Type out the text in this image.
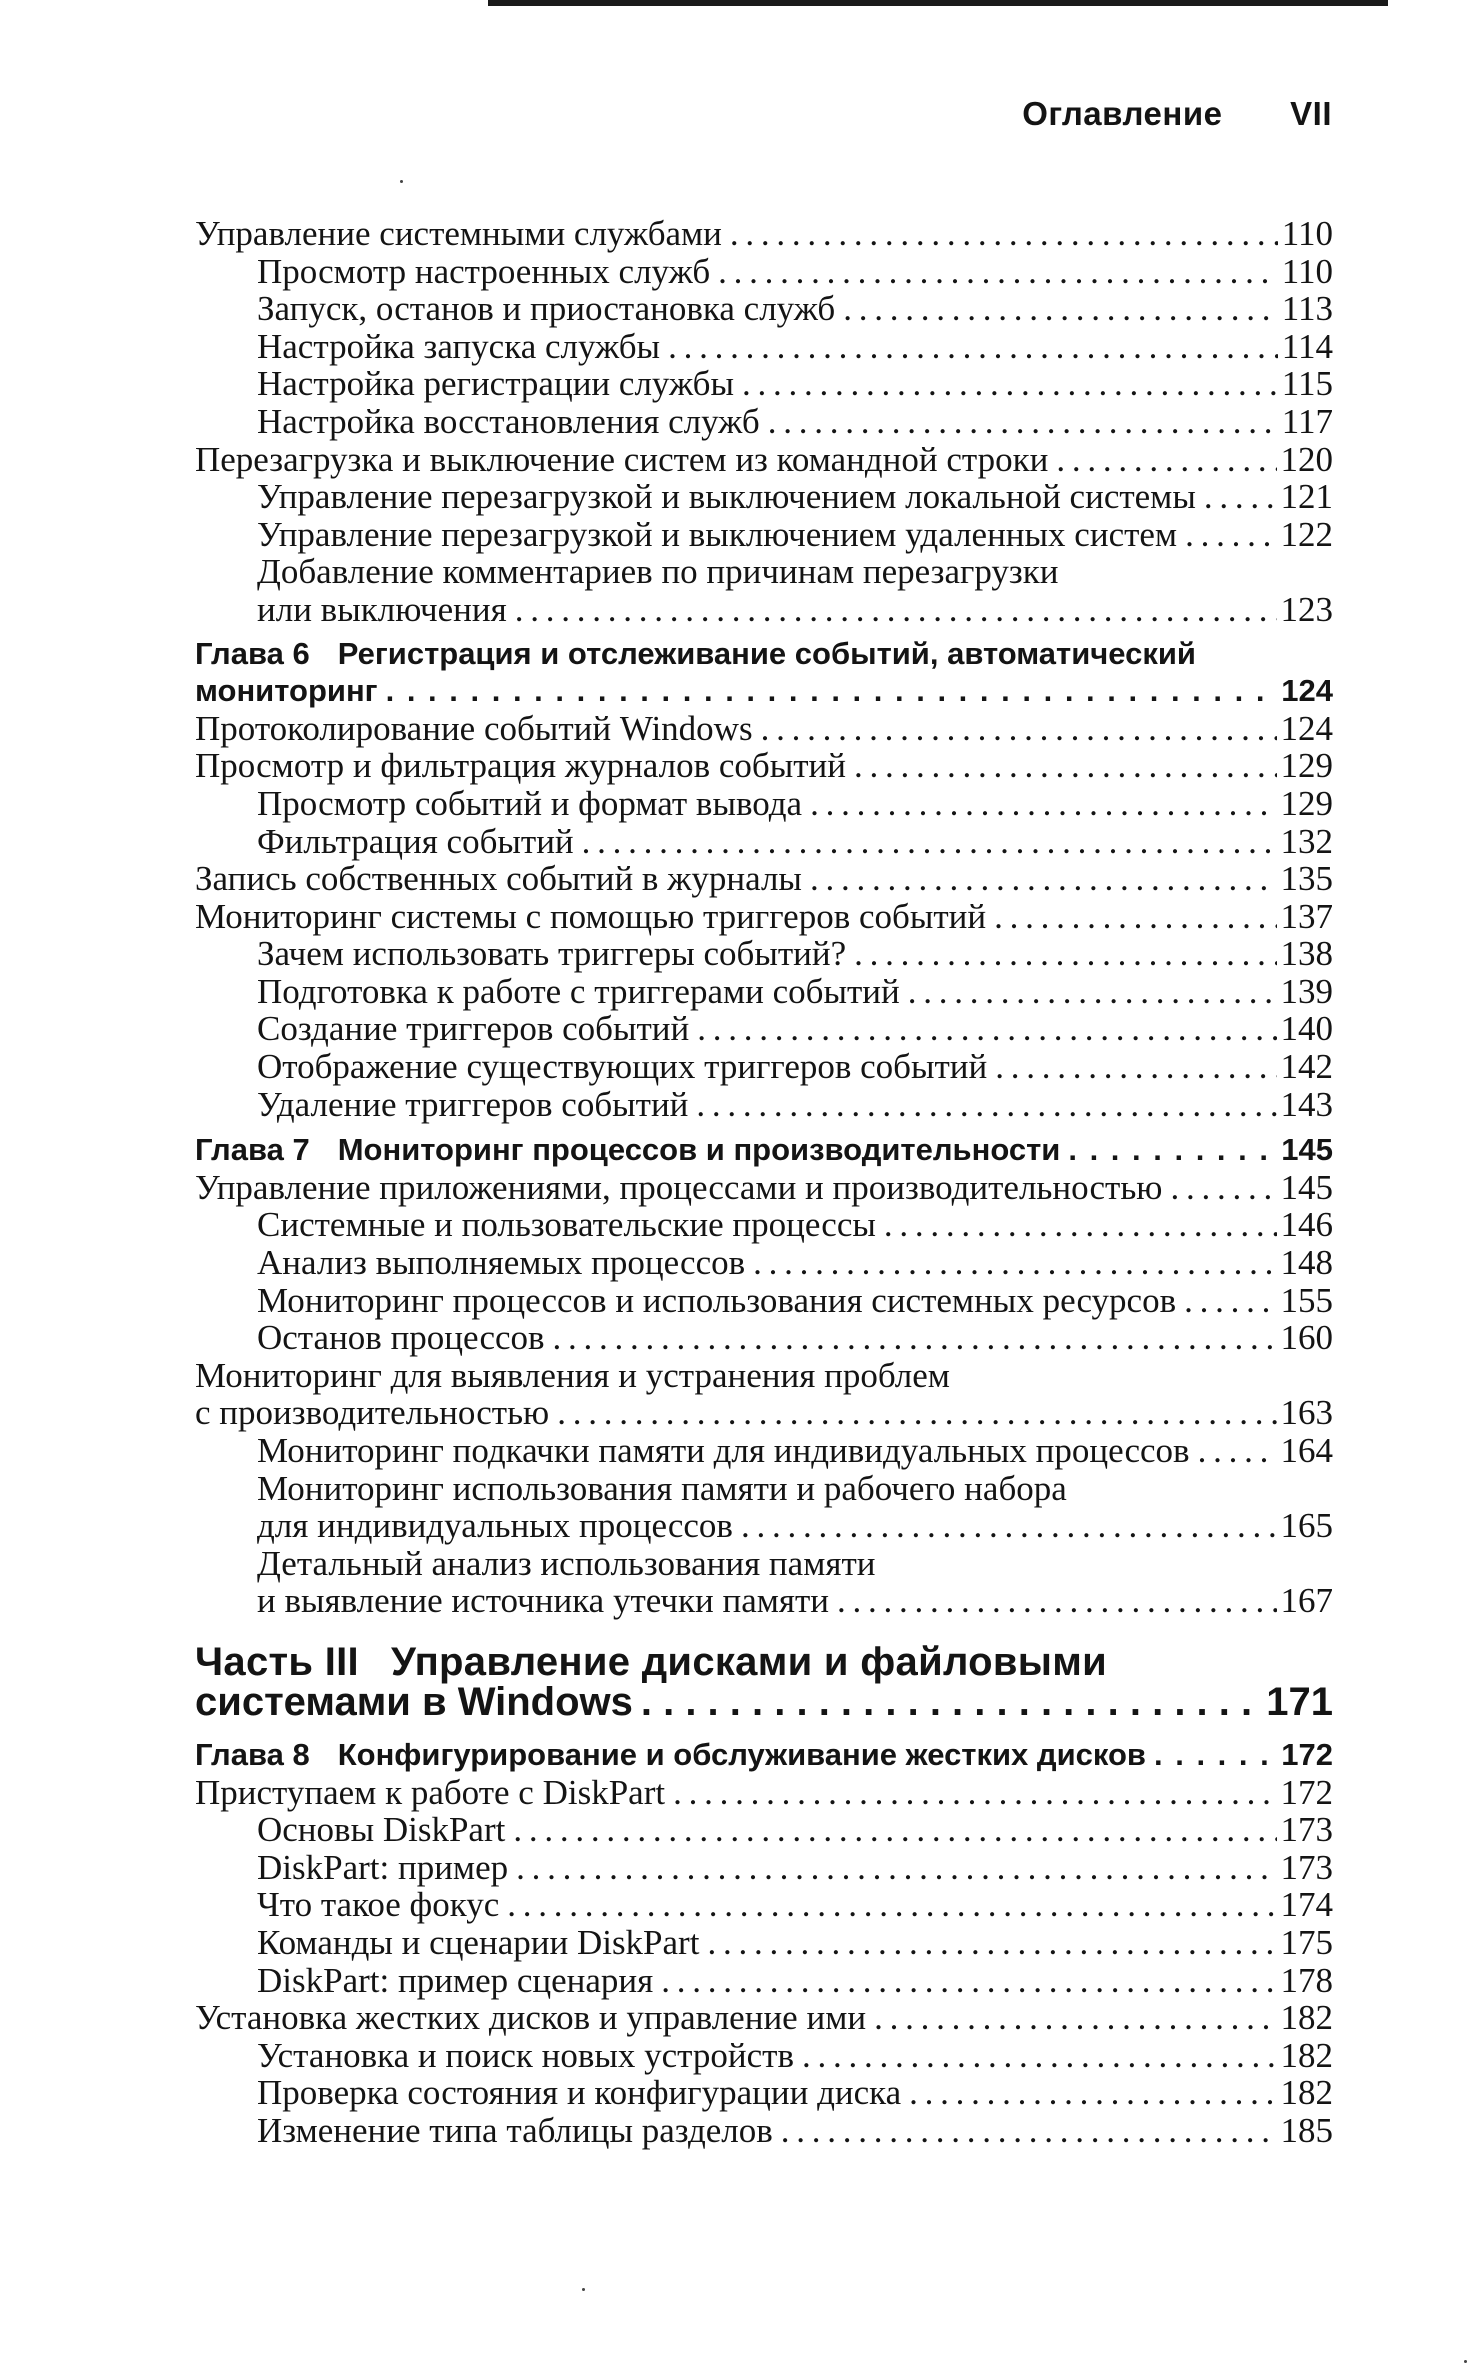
Оглавление VII
Управление системными службами . . .	110
Просмотр настроенных служб . . .	110
Запуск, останов и приостановка служб . . .	113
Настройка запуска службы . . .	114
Настройка регистрации службы . . .	115
Настройка восстановления служб . . .	117
Перезагрузка и выключение систем из командной строки . . .	120
Управление перезагрузкой и выключением локальной системы . . . 121
Управление перезагрузкой и выключением удаленных систем . . .	122
Добавление комментариев по причинам перезагрузки
или выключения . . .	123
Глава 6 Регистрация и отслеживание событий, автоматический
мониторинг . . .	124
Протоколирование событий Windows . . .	124
Просмотр и фильтрация журналов событий . . .	129
Просмотр событий и формат вывода . . .	129
Фильтрация событий . . .	132
Запись собственных событий в журналы . . .	135
Мониторинг системы с помощью триггеров событий . . .	137
Зачем использовать триггеры событий? . . .	138
Подготовка к работе с триггерами событий . . .	139
Создание триггеров событий . . .	140
Отображение существующих триггеров событий . . .	142
Удаление триггеров событий . . .	143
Глава 7 Мониторинг процессов и производительности . . .	145
Управление приложениями, процессами и производительностью . . .	145
Системные и пользовательские процессы . . .	146
Анализ выполняемых процессов . . .	148
Мониторинг процессов и использования системных ресурсов . . .	155
Останов процессов . . .	160
Мониторинг для выявления и устранения проблем
с производительностью . . .	163
Мониторинг подкачки памяти для индивидуальных процессов . . .	164
Мониторинг использования памяти и рабочего набора
для индивидуальных процессов . . .	165
Детальный анализ использования памяти
и выявление источника утечки памяти . . .	167
Часть III Управление дисками и файловыми
системами в Windows . . .	171
Глава 8 Конфигурирование и обслуживание жестких дисков . . .	172
Приступаем к работе с DiskPart . . .	172
Основы DiskPart . . .	173
DiskPart: пример . . .	173
Что такое фокус . . .	174
Команды и сценарии DiskPart . . .	175
DiskPart: пример сценария . . .	178
Установка жестких дисков и управление ими . . .	182
Установка и поиск новых устройств . . .	182
Проверка состояния и конфигурации диска . . .	182
Изменение типа таблицы разделов . . .	185
